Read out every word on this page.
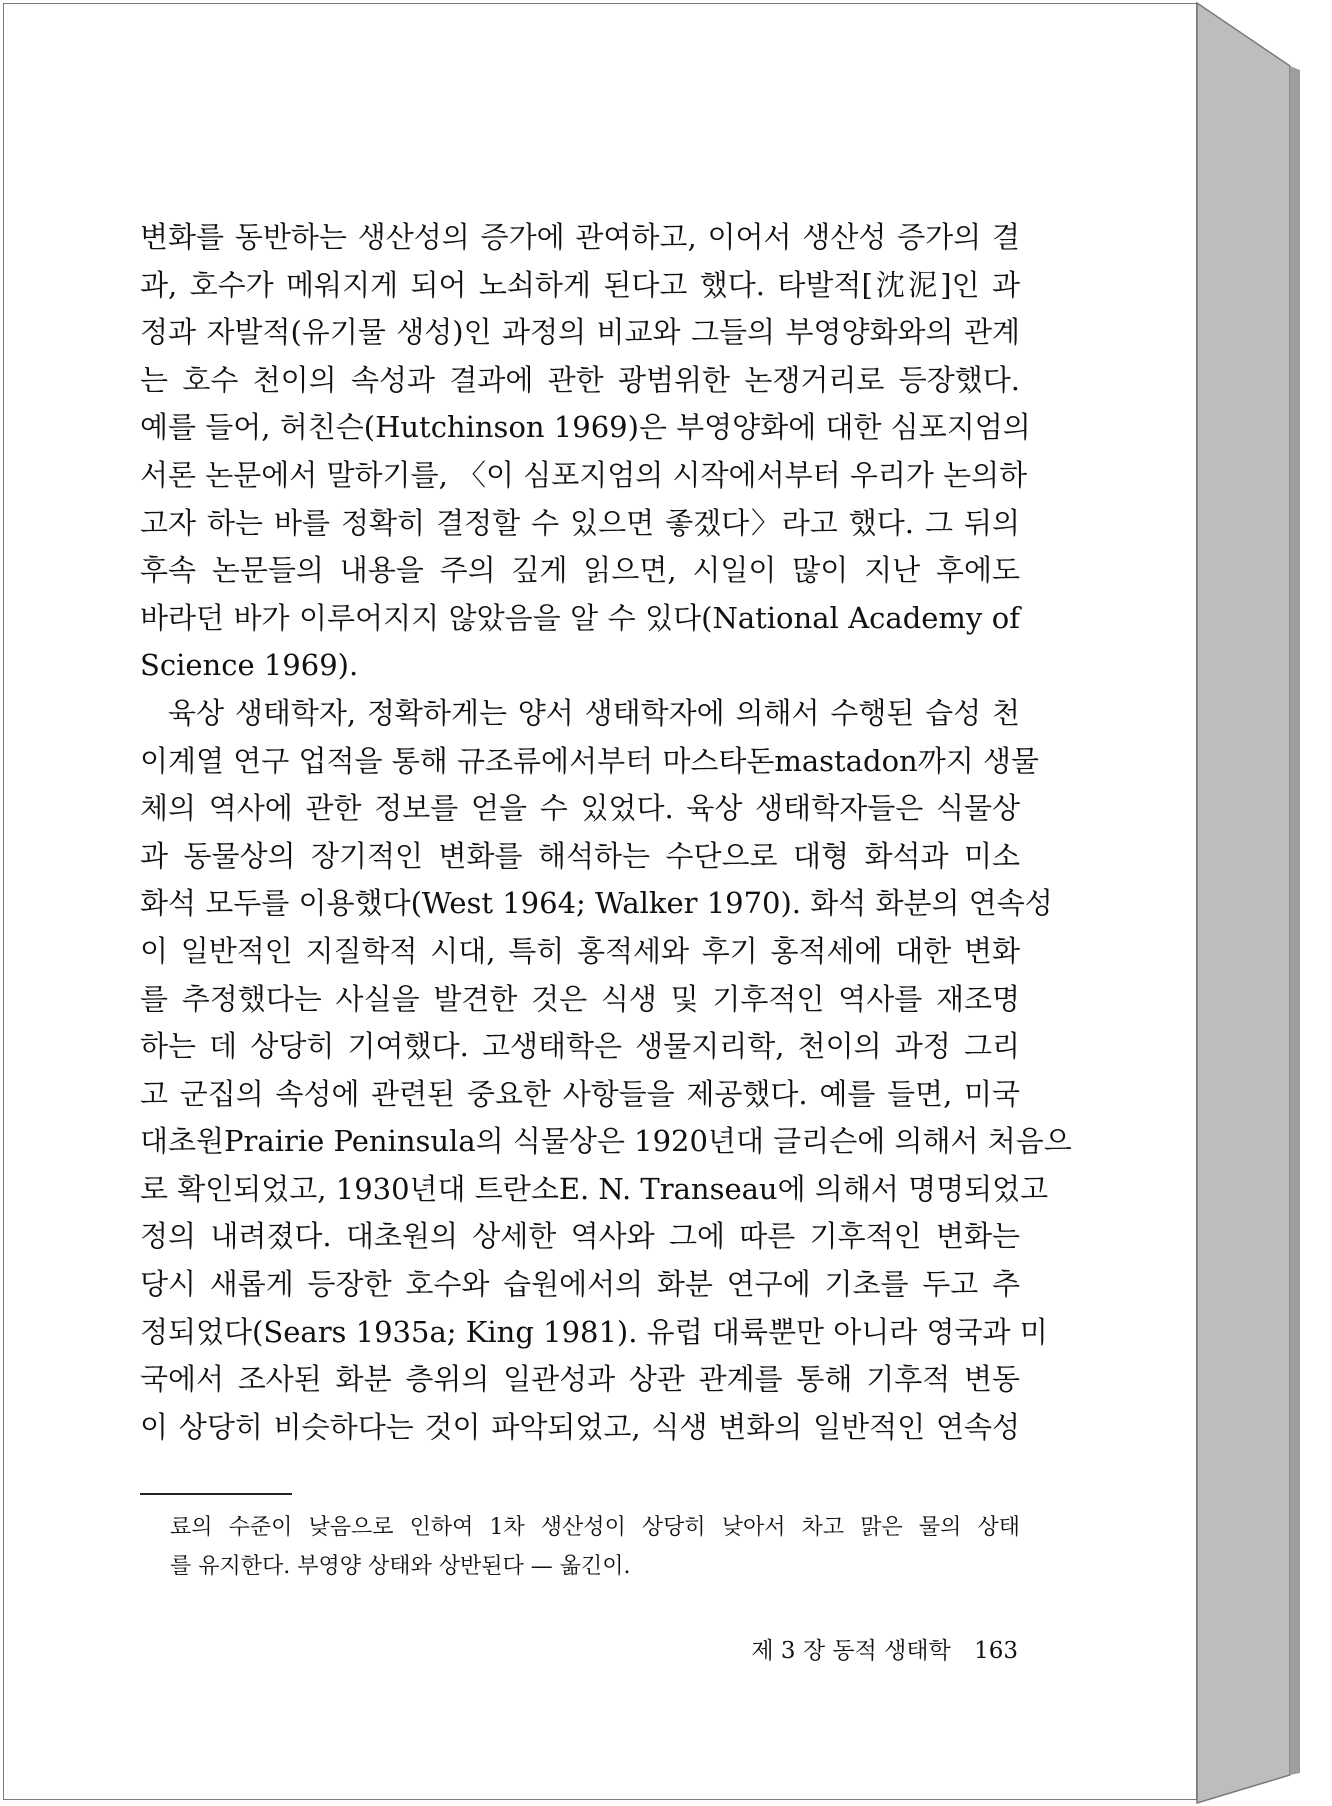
변화를 동반하는 생산성의 증가에 관여하고, 이어서 생산성 증가의 결
과, 호수가 메워지게 되어 노쇠하게 된다고 했다. 타발적[沈泥]인 과
정과 자발적(유기물 생성)인 과정의 비교와 그들의 부영양화와의 관계
는 호수 천이의 속성과 결과에 관한 광범위한 논쟁거리로 등장했다.
예를 들어, 허친슨(Hutchinson 1969)은 부영양화에 대한 심포지엄의
서론 논문에서 말하기를, 〈이 심포지엄의 시작에서부터 우리가 논의하
고자 하는 바를 정확히 결정할 수 있으면 좋겠다〉라고 했다. 그 뒤의
후속 논문들의 내용을 주의 깊게 읽으면, 시일이 많이 지난 후에도
바라던 바가 이루어지지 않았음을 알 수 있다(National Academy of
Science 1969).
육상 생태학자, 정확하게는 양서 생태학자에 의해서 수행된 습성 천
이계열 연구 업적을 통해 규조류에서부터 마스타돈mastadon까지 생물
체의 역사에 관한 정보를 얻을 수 있었다. 육상 생태학자들은 식물상
과 동물상의 장기적인 변화를 해석하는 수단으로 대형 화석과 미소
화석 모두를 이용했다(West 1964; Walker 1970). 화석 화분의 연속성
이 일반적인 지질학적 시대, 특히 홍적세와 후기 홍적세에 대한 변화
를 추정했다는 사실을 발견한 것은 식생 및 기후적인 역사를 재조명
하는 데 상당히 기여했다. 고생태학은 생물지리학, 천이의 과정 그리
고 군집의 속성에 관련된 중요한 사항들을 제공했다. 예를 들면, 미국
대초원Prairie Peninsula의 식물상은 1920년대 글리슨에 의해서 처음으
로 확인되었고, 1930년대 트란소E. N. Transeau에 의해서 명명되었고
정의 내려졌다. 대초원의 상세한 역사와 그에 따른 기후적인 변화는
당시 새롭게 등장한 호수와 습원에서의 화분 연구에 기초를 두고 추
정되었다(Sears 1935a; King 1981). 유럽 대륙뿐만 아니라 영국과 미
국에서 조사된 화분 층위의 일관성과 상관 관계를 통해 기후적 변동
이 상당히 비슷하다는 것이 파악되었고, 식생 변화의 일반적인 연속성
료의 수준이 낮음으로 인하여 1차 생산성이 상당히 낮아서 차고 맑은 물의 상태
를 유지한다. 부영양 상태와 상반된다 — 옮긴이.
제 3 장 동적 생태학 163
